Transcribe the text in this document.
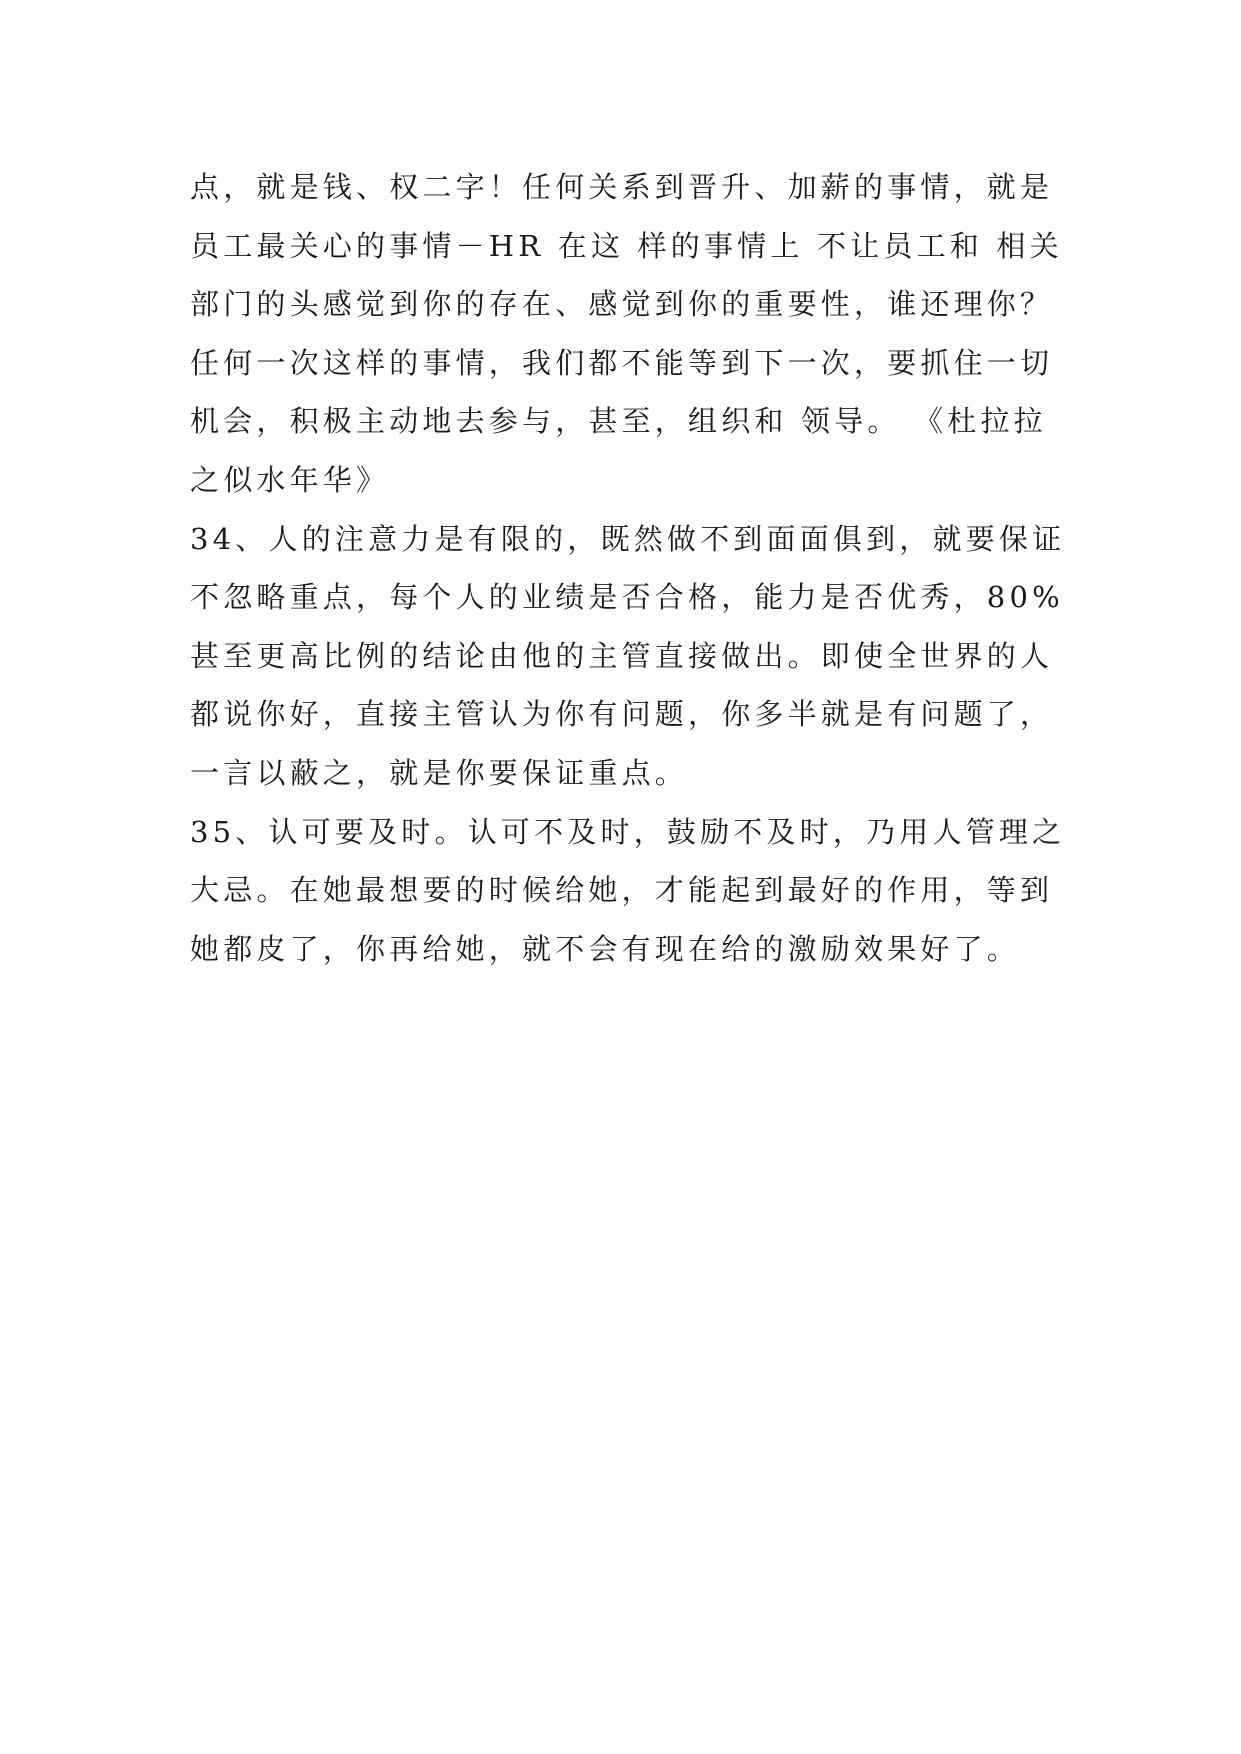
点，就是钱、权二字！任何关系到晋升、加薪的事情，就是
员工最关心的事情－HR 在这 样的事情上 不让员工和 相关
部门的头感觉到你的存在、感觉到你的重要性，谁还理你？
任何一次这样的事情，我们都不能等到下一次，要抓住一切
机会，积极主动地去参与，甚至，组织和 领导。 《杜拉拉
之似水年华》
34、人的注意力是有限的，既然做不到面面俱到，就要保证
不忽略重点，每个人的业绩是否合格，能力是否优秀，80%
甚至更高比例的结论由他的主管直接做出。即使全世界的人
都说你好，直接主管认为你有问题，你多半就是有问题了，
一言以蔽之，就是你要保证重点。
35、认可要及时。认可不及时，鼓励不及时，乃用人管理之
大忌。在她最想要的时候给她，才能起到最好的作用，等到
她都皮了，你再给她，就不会有现在给的激励效果好了。
